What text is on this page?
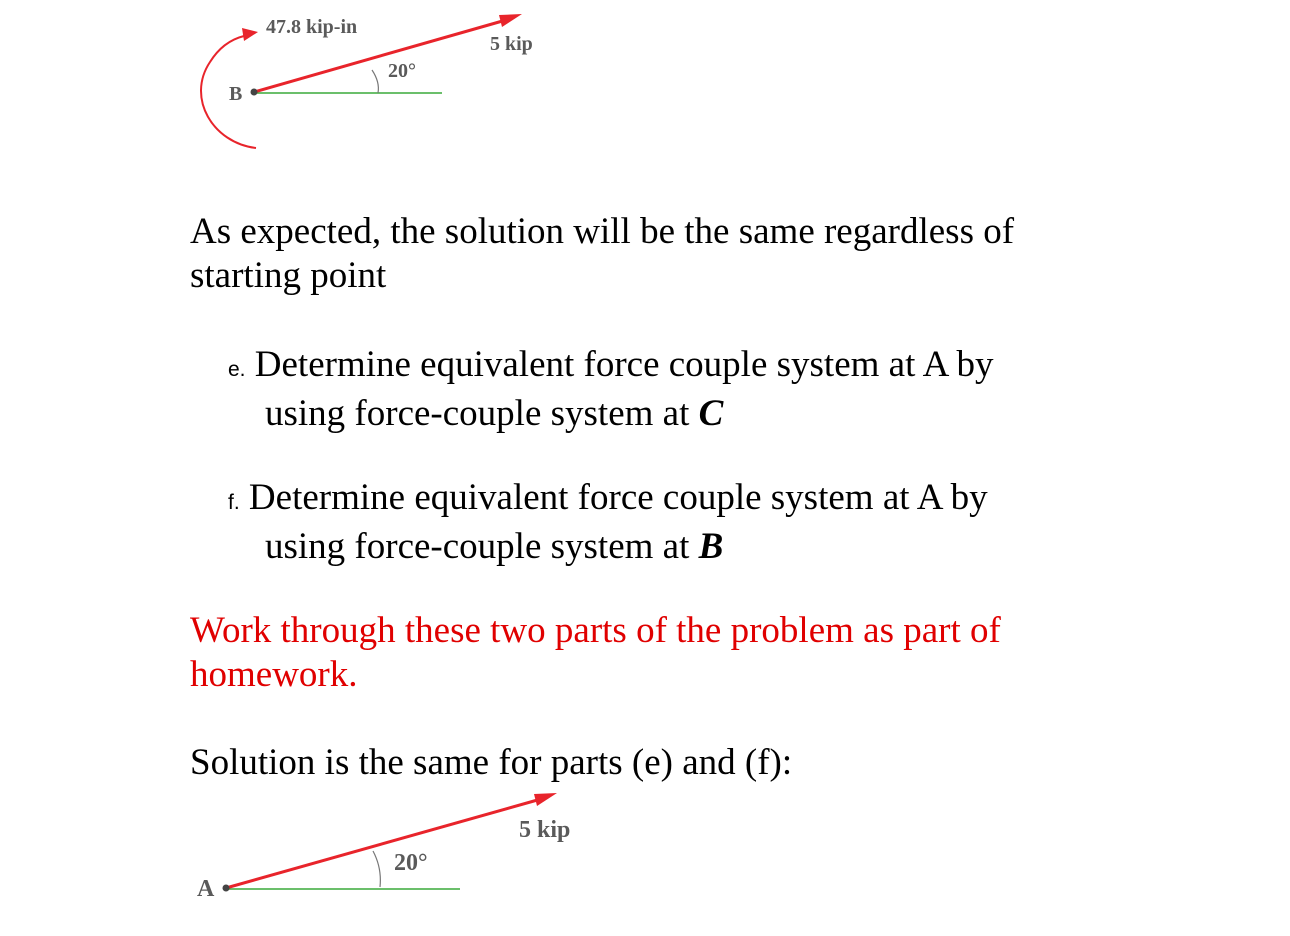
47.8 kip-in
5 kip
20°
B
As expected, the solution will be the same regardless of
starting point
e. Determine equivalent force couple system at A by
using force-couple system at C
f. Determine equivalent force couple system at A by
using force-couple system at B
Work through these two parts of the problem as part of
homework.
Solution is the same for parts (e) and (f):
5 kip
20°
A
